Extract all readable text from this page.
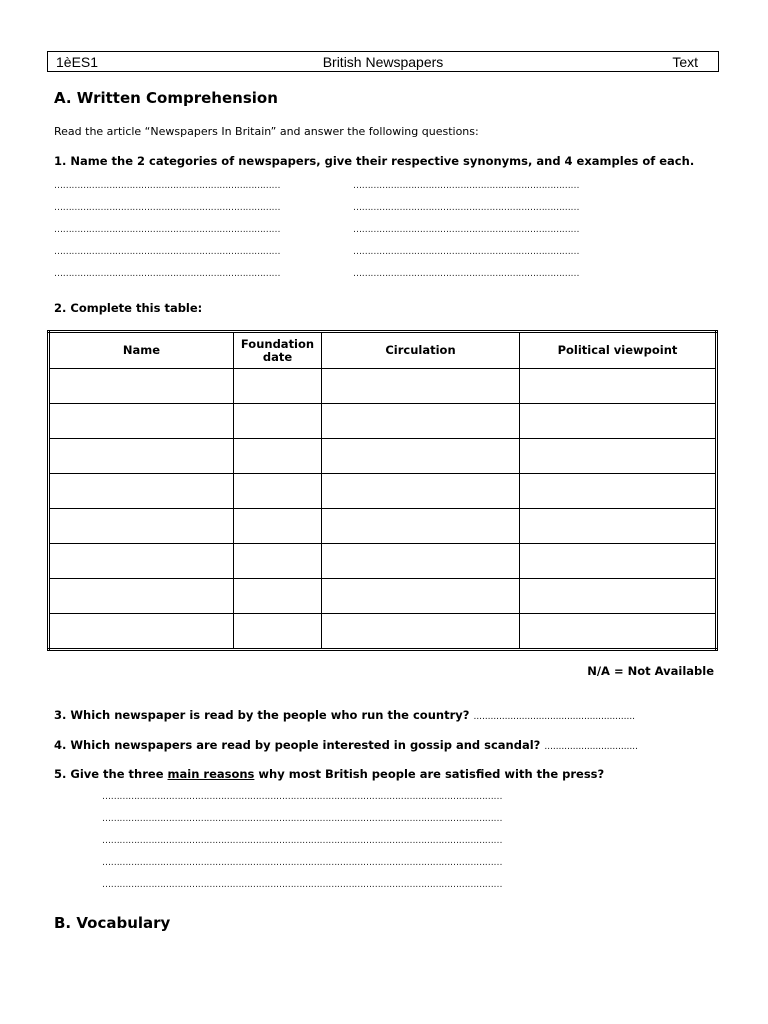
1èES1	British Newspapers	Text
A. Written Comprehension
Read the article “Newspapers In Britain” and answer the following questions:
1. Name the 2 categories of newspapers, give their respective synonyms, and 4 examples of each.
……………………………………………………………………
……………………………………………………………………
……………………………………………………………………
……………………………………………………………………
……………………………………………………………………
……………………………………………………………………
……………………………………………………………………
……………………………………………………………………
……………………………………………………………………
……………………………………………………………………
2. Complete this table:
Name	Foundation date	Circulation	Political viewpoint

N/A = Not Available
3. Which newspaper is read by the people who run the country? …………………………………………………
4. Which newspapers are read by people interested in gossip and scandal? ……………………………
5. Give the three main reasons why most British people are satisfied with the press?
…………………………………………………………………………………………………………………………
…………………………………………………………………………………………………………………………
…………………………………………………………………………………………………………………………
…………………………………………………………………………………………………………………………
…………………………………………………………………………………………………………………………
B. Vocabulary
